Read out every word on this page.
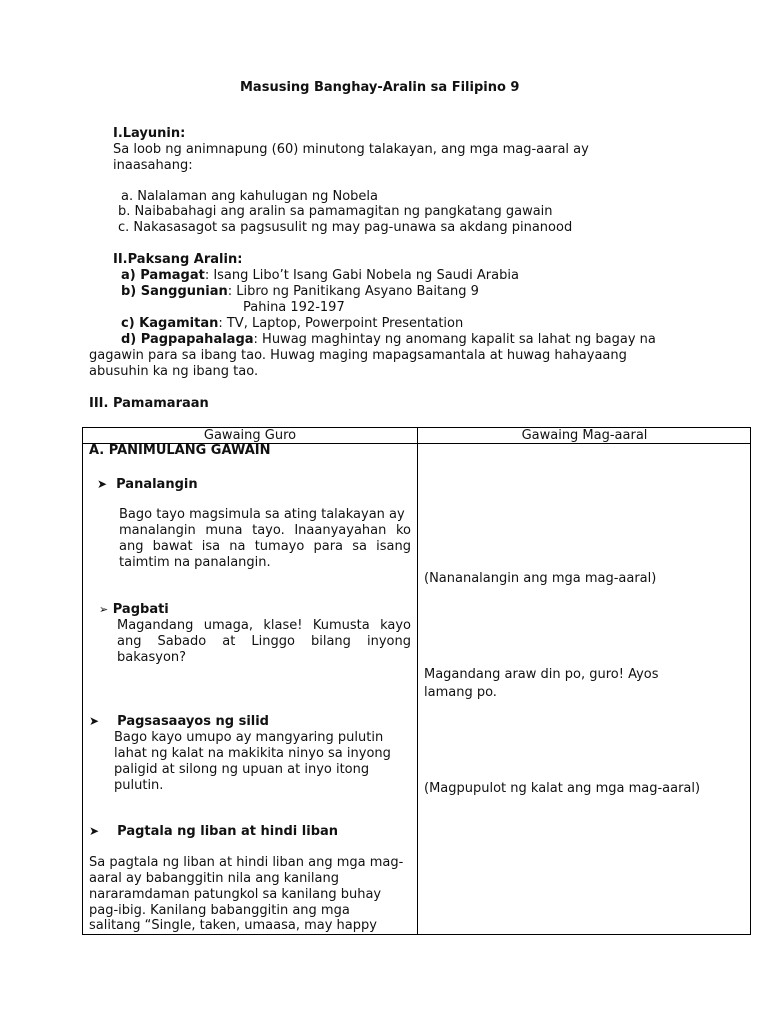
Masusing Banghay-Aralin sa Filipino 9
I.Layunin:
Sa loob ng animnapung (60) minutong talakayan, ang mga mag-aaral ay
inaasahang:
a. Nalalaman ang kahulugan ng Nobela
b. Naibabahagi ang aralin sa pamamagitan ng pangkatang gawain
c. Nakasasagot sa pagsusulit ng may pag-unawa sa akdang pinanood
II.Paksang Aralin:
a) Pamagat: Isang Libo’t Isang Gabi Nobela ng Saudi Arabia
b) Sanggunian: Libro ng Panitikang Asyano Baitang 9
Pahina 192-197
c) Kagamitan: TV, Laptop, Powerpoint Presentation
d) Pagpapahalaga: Huwag maghintay ng anomang kapalit sa lahat ng bagay na
gagawin para sa ibang tao. Huwag maging mapagsamantala at huwag hahayaang
abusuhin ka ng ibang tao.
III. Pamamaraan
Gawaing Guro	Gawaing Mag-aaral
A. PANIMULANG GAWAIN
➤ Panalangin
Bago tayo magsimula sa ating talakayan ay
manalangin muna tayo. Inaanyayahan ko
ang bawat isa na tumayo para sa isang
taimtim na panalangin.
(Nananalangin ang mga mag-aaral)
➢ Pagbati
Magandang umaga, klase! Kumusta kayo
ang Sabado at Linggo bilang inyong
bakasyon?
Magandang araw din po, guro! Ayos
lamang po.
➤ Pagsasaayos ng silid
Bago kayo umupo ay mangyaring pulutin
lahat ng kalat na makikita ninyo sa inyong
paligid at silong ng upuan at inyo itong
pulutin.	(Magpupulot ng kalat ang mga mag-aaral)
➤ Pagtala ng liban at hindi liban
Sa pagtala ng liban at hindi liban ang mga mag-
aaral ay babanggitin nila ang kanilang
nararamdaman patungkol sa kanilang buhay
pag-ibig. Kanilang babanggitin ang mga
salitang “Single, taken, umaasa, may happy
